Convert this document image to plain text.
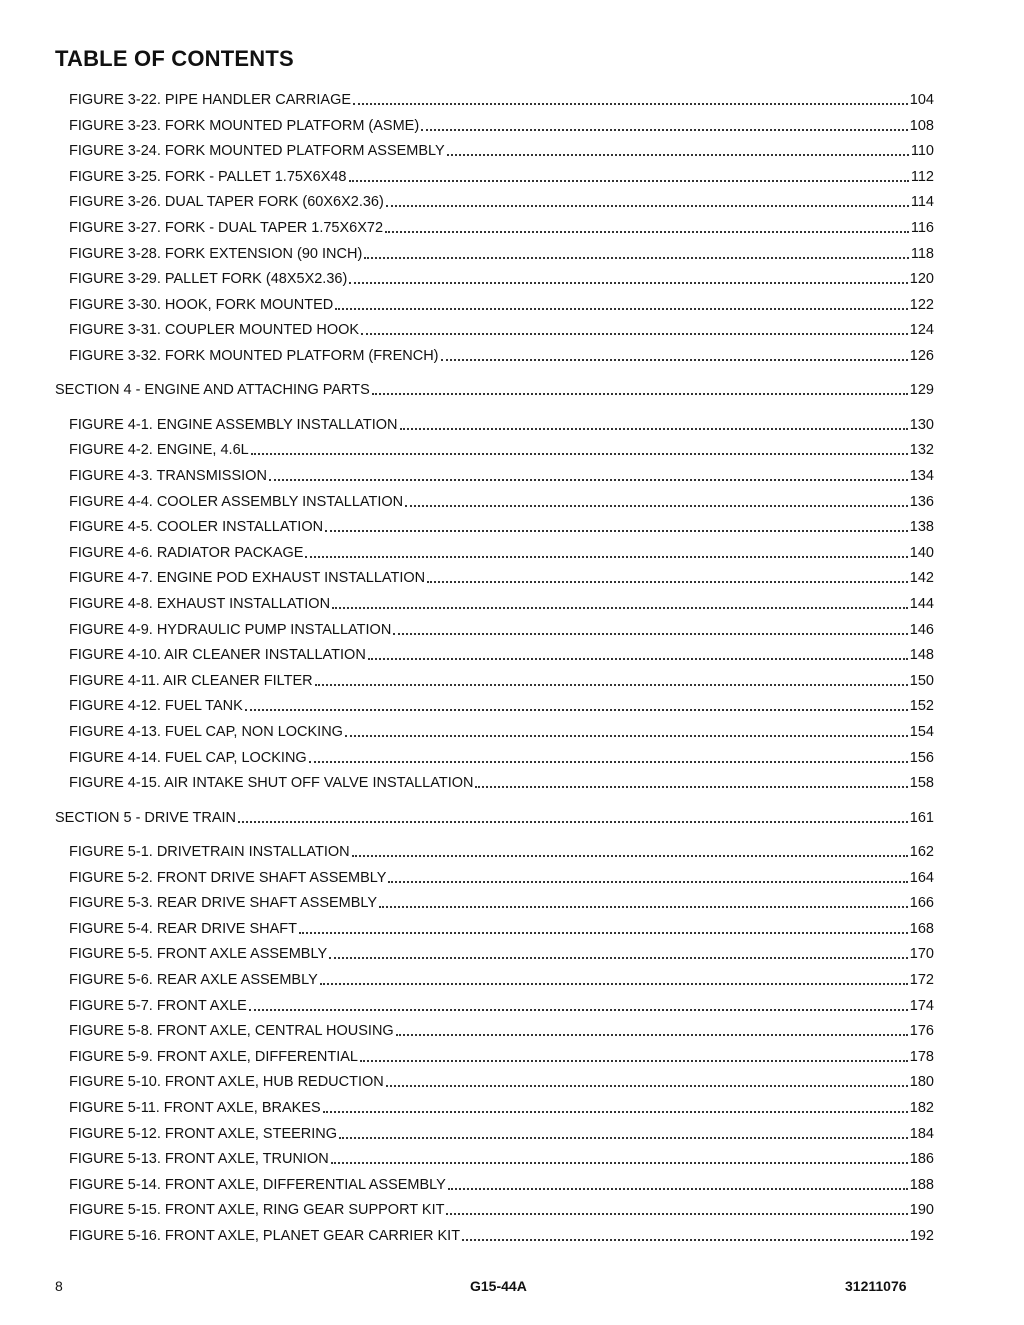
TABLE OF CONTENTS
FIGURE 3-22. PIPE HANDLER CARRIAGE	104
FIGURE 3-23. FORK MOUNTED PLATFORM (ASME)	108
FIGURE 3-24. FORK MOUNTED PLATFORM ASSEMBLY	110
FIGURE 3-25. FORK - PALLET 1.75X6X48	112
FIGURE 3-26. DUAL TAPER FORK (60X6X2.36)	114
FIGURE 3-27. FORK - DUAL TAPER 1.75X6X72	116
FIGURE 3-28. FORK EXTENSION (90 INCH)	118
FIGURE 3-29. PALLET FORK (48X5X2.36)	120
FIGURE 3-30. HOOK, FORK MOUNTED	122
FIGURE 3-31. COUPLER MOUNTED HOOK	124
FIGURE 3-32. FORK MOUNTED PLATFORM (FRENCH)	126
SECTION 4 - ENGINE AND ATTACHING PARTS	129
FIGURE 4-1. ENGINE ASSEMBLY INSTALLATION	130
FIGURE 4-2. ENGINE, 4.6L	132
FIGURE 4-3. TRANSMISSION	134
FIGURE 4-4. COOLER ASSEMBLY INSTALLATION	136
FIGURE 4-5. COOLER INSTALLATION	138
FIGURE 4-6. RADIATOR PACKAGE	140
FIGURE 4-7. ENGINE POD EXHAUST INSTALLATION	142
FIGURE 4-8. EXHAUST INSTALLATION	144
FIGURE 4-9. HYDRAULIC PUMP INSTALLATION	146
FIGURE 4-10. AIR CLEANER INSTALLATION	148
FIGURE 4-11. AIR CLEANER FILTER	150
FIGURE 4-12. FUEL TANK	152
FIGURE 4-13. FUEL CAP, NON LOCKING	154
FIGURE 4-14. FUEL CAP, LOCKING	156
FIGURE 4-15. AIR INTAKE SHUT OFF VALVE INSTALLATION	158
SECTION 5 - DRIVE TRAIN	161
FIGURE 5-1. DRIVETRAIN INSTALLATION	162
FIGURE 5-2. FRONT DRIVE SHAFT ASSEMBLY	164
FIGURE 5-3. REAR DRIVE SHAFT ASSEMBLY	166
FIGURE 5-4. REAR DRIVE SHAFT	168
FIGURE 5-5. FRONT AXLE ASSEMBLY	170
FIGURE 5-6. REAR AXLE ASSEMBLY	172
FIGURE 5-7. FRONT AXLE	174
FIGURE 5-8. FRONT AXLE, CENTRAL HOUSING	176
FIGURE 5-9. FRONT AXLE, DIFFERENTIAL	178
FIGURE 5-10. FRONT AXLE, HUB REDUCTION	180
FIGURE 5-11. FRONT AXLE, BRAKES	182
FIGURE 5-12. FRONT AXLE, STEERING	184
FIGURE 5-13. FRONT AXLE, TRUNION	186
FIGURE 5-14. FRONT AXLE, DIFFERENTIAL ASSEMBLY	188
FIGURE 5-15. FRONT AXLE, RING GEAR SUPPORT KIT	190
FIGURE 5-16. FRONT AXLE, PLANET GEAR CARRIER KIT	192
8	G15-44A	31211076
